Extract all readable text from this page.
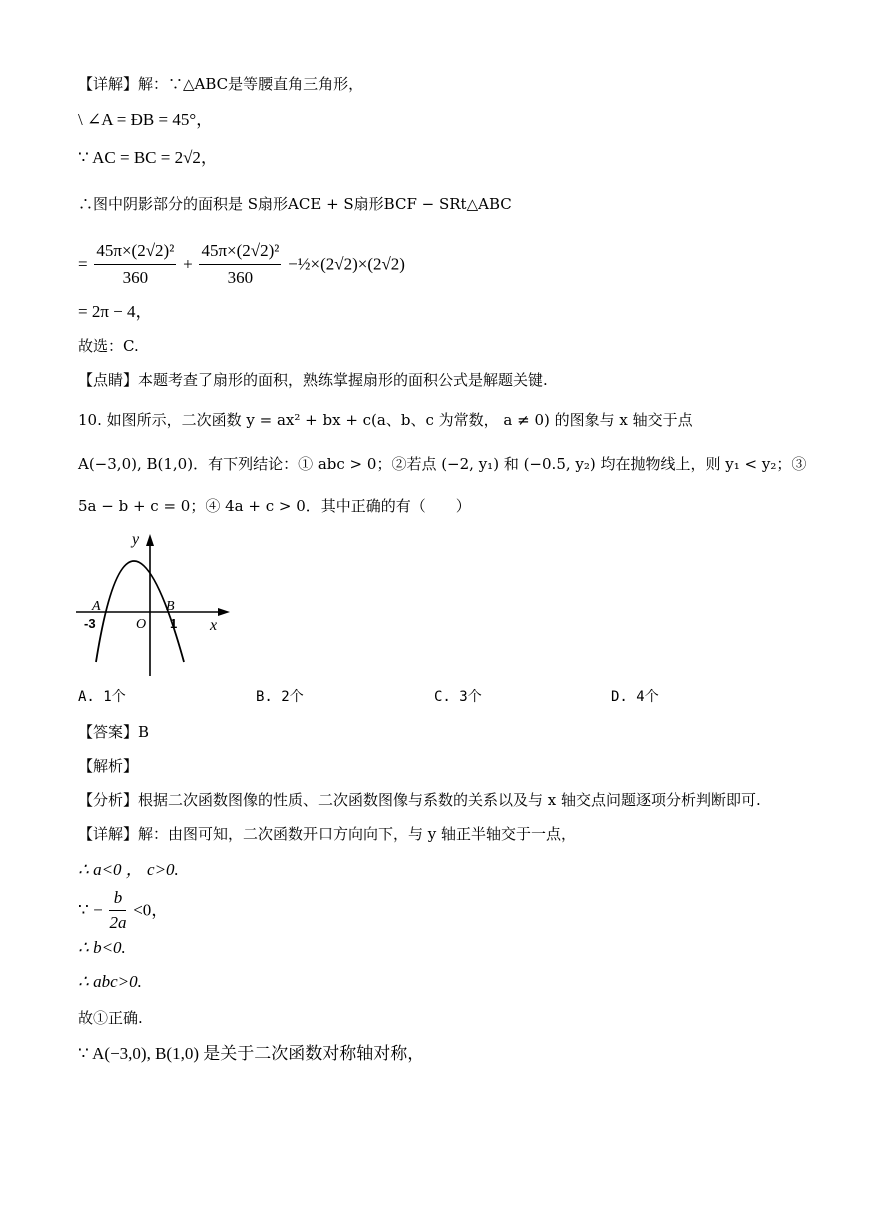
【详解】解：∵△ABC是等腰直角三角形，
\ ∠A = ÐB = 45°，
∵ AC = BC = 2√2，
∴图中阴影部分的面积是 S扇形ACE + S扇形BCF − SRt△ABC
= $\frac{\text{45π×(2√2)²}}{360} + \frac{\text{45π×(2√2)²}}{360}$ −½×(2√2)×(2√2)
= 2π − 4，
故选：C.
【点睛】本题考查了扇形的面积，熟练掌握扇形的面积公式是解题关键.
10. 如图所示，二次函数 y = ax² + bx + c(a、b、c 为常数， a ≠ 0) 的图象与 x 轴交于点
A(−3,0), B(1,0)．有下列结论：① abc > 0；②若点 (−2, y₁) 和 (−0.5, y₂) 均在抛物线上，则 y₁ < y₂；③
5a − b + c = 0；④ 4a + c > 0．其中正确的有（　　）
y
x
O
A	B
-3	1
A. 1个	B. 2个	C. 3个	D. 4个
【答案】B
【解析】
【分析】根据二次函数图像的性质、二次函数图像与系数的关系以及与 x 轴交点问题逐项分析判断即可.
【详解】解：由图可知，二次函数开口方向向下，与 y 轴正半轴交于一点，
∴ a<0 ， c>0.
∵ − $\frac{b}{2a} <0$，
∴ b<0.
∴ abc>0.
故①正确.
∵ A(−3,0), B(1,0) 是关于二次函数对称轴对称，
